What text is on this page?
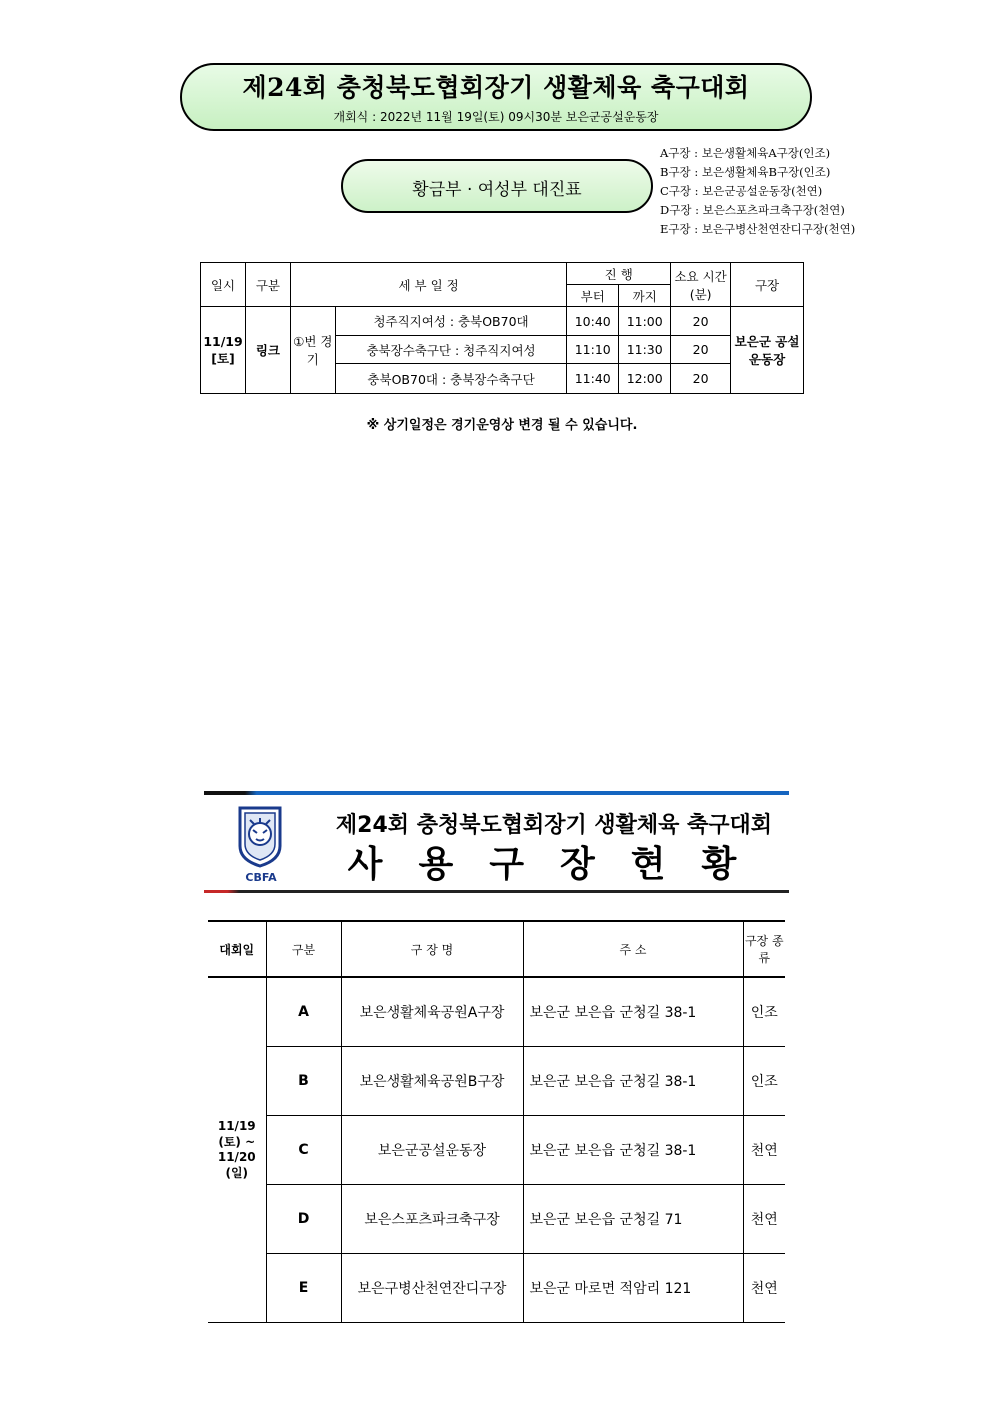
제24회 충청북도협회장기 생활체육 축구대회
개회식 : 2022년 11월 19일(토) 09시30분 보은군공설운동장
황금부 · 여성부 대진표
A구장 : 보은생활체육A구장(인조)
B구장 : 보은생활체육B구장(인조)
C구장 : 보은군공설운동장(천연)
D구장 : 보은스포츠파크축구장(천연)
E구장 : 보은구병산천연잔디구장(천연)
일시	구분	세 부 일 정		진 행		소요 시간(분)	구장
				부터	까지		
11/19 [토]	링크	①번 경기	청주직지여성 : 충북OB70대	10:40	11:00	20	보은군 공설운동장
			충북장수축구단 : 청주직지여성	11:10	11:30	20	
			충북OB70대 : 충북장수축구단	11:40	12:00	20	
※ 상기일정은 경기운영상 변경 될 수 있습니다.
CBFA
제24회 충청북도협회장기 생활체육 축구대회
사용구장현황
대회일	구분	구 장 명	주 소	구장 종류
11/19 (토) ~ 11/20 (일)	A	보은생활체육공원A구장	보은군 보은읍 군청길 38-1	인조
	B	보은생활체육공원B구장	보은군 보은읍 군청길 38-1	인조
	C	보은군공설운동장	보은군 보은읍 군청길 38-1	천연
	D	보은스포츠파크축구장	보은군 보은읍 군청길 71	천연
	E	보은구병산천연잔디구장	보은군 마로면 적암리 121	천연
